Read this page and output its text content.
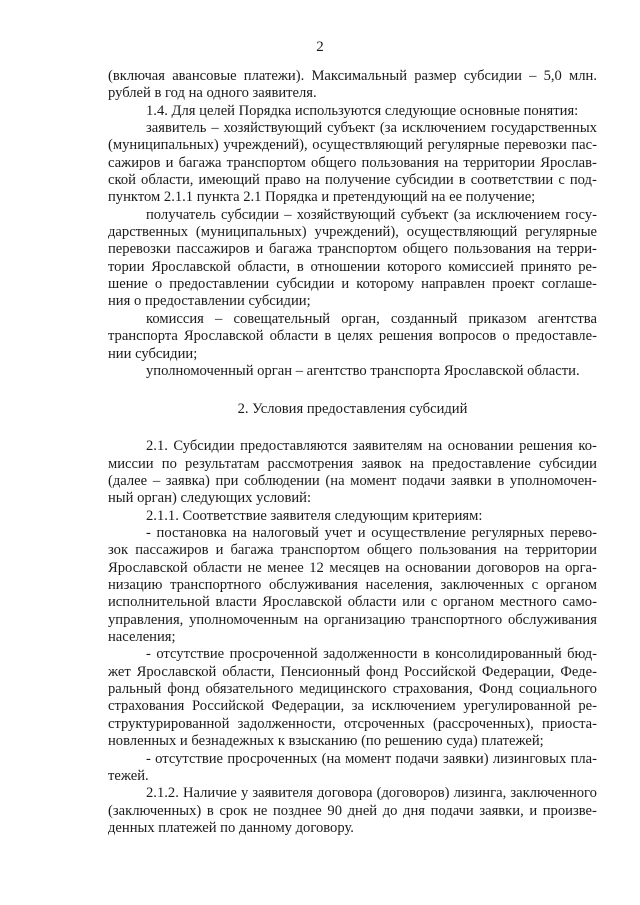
2
(включая авансовые платежи). Максимальный размер субсидии – 5,0 млн.
рублей в год на одного заявителя.
1.4. Для целей Порядка используются следующие основные понятия:
заявитель – хозяйствующий субъект (за исключением государственных
(муниципальных) учреждений), осуществляющий регулярные перевозки пас-
сажиров и багажа транспортом общего пользования на территории Ярослав-
ской области, имеющий право на получение субсидии в соответствии с под-
пунктом 2.1.1 пункта 2.1 Порядка и претендующий на ее получение;
получатель субсидии – хозяйствующий субъект (за исключением госу-
дарственных (муниципальных) учреждений), осуществляющий регулярные
перевозки пассажиров и багажа транспортом общего пользования на терри-
тории Ярославской области, в отношении которого комиссией принято ре-
шение о предоставлении субсидии и которому направлен проект соглаше-
ния о предоставлении субсидии;
комиссия – совещательный орган, созданный приказом агентства
транспорта Ярославской области в целях решения вопросов о предоставле-
нии субсидии;
уполномоченный орган – агентство транспорта Ярославской области.
2. Условия предоставления субсидий
2.1. Субсидии предоставляются заявителям на основании решения ко-
миссии по результатам рассмотрения заявок на предоставление субсидии
(далее – заявка) при соблюдении (на момент подачи заявки в уполномочен-
ный орган) следующих условий:
2.1.1. Соответствие заявителя следующим критериям:
- постановка на налоговый учет и осуществление регулярных перево-
зок пассажиров и багажа транспортом общего пользования на территории
Ярославской области не менее 12 месяцев на основании договоров на орга-
низацию транспортного обслуживания населения, заключенных с органом
исполнительной власти Ярославской области или с органом местного само-
управления, уполномоченным на организацию транспортного обслуживания
населения;
- отсутствие просроченной задолженности в консолидированный бюд-
жет Ярославской области, Пенсионный фонд Российской Федерации, Феде-
ральный фонд обязательного медицинского страхования, Фонд социального
страхования Российской Федерации, за исключением урегулированной ре-
структурированной задолженности, отсроченных (рассроченных), приоста-
новленных и безнадежных к взысканию (по решению суда) платежей;
- отсутствие просроченных (на момент подачи заявки) лизинговых пла-
тежей.
2.1.2. Наличие у заявителя договора (договоров) лизинга, заключенного
(заключенных) в срок не позднее 90 дней до дня подачи заявки, и произве-
денных платежей по данному договору.
